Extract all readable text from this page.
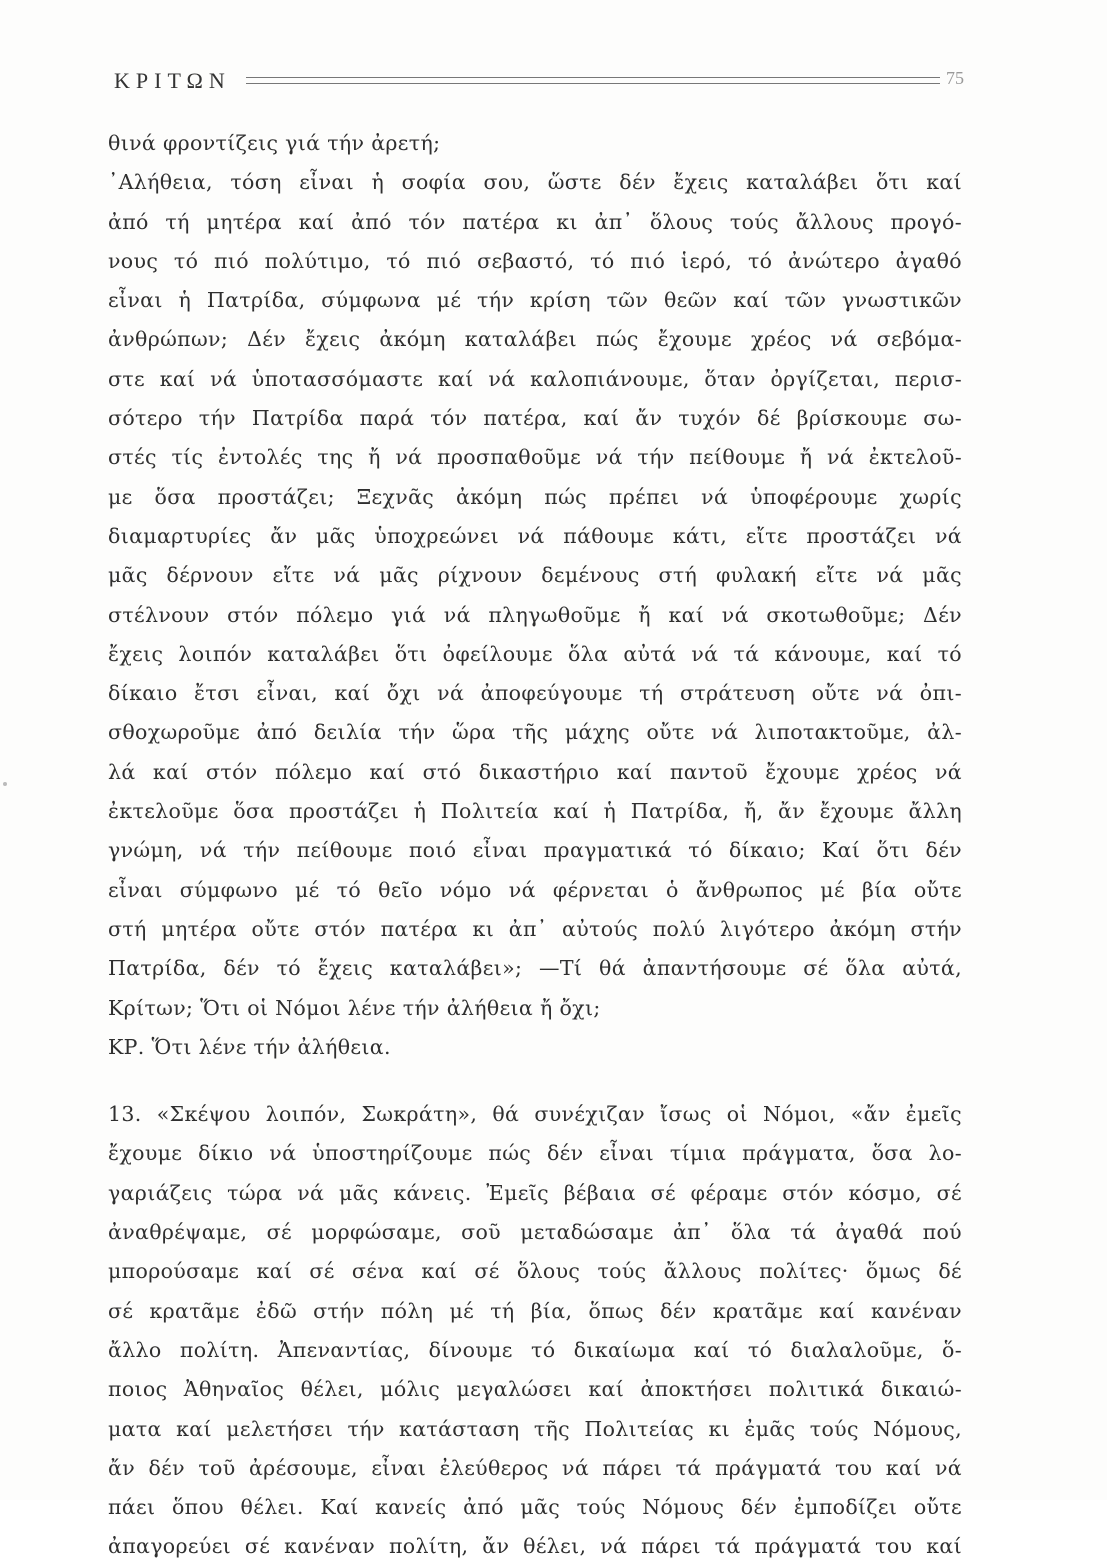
ΚΡΙΤΩΝ	75
θινά φροντίζεις γιά τήν ἀρετή;
᾽Αλήθεια, τόση εἶναι ἡ σοφία σου, ὥστε δέν ἔχεις καταλάβει ὅτι καί
ἀπό τή μητέρα καί ἀπό τόν πατέρα κι ἀπ᾽ ὅλους τούς ἄλλους προγό-
νους τό πιό πολύτιμο, τό πιό σεβαστό, τό πιό ἱερό, τό ἀνώτερο ἀγαθό
εἶναι ἡ Πατρίδα, σύμφωνα μέ τήν κρίση τῶν θεῶν καί τῶν γνωστικῶν
ἀνθρώπων; Δέν ἔχεις ἀκόμη καταλάβει πώς ἔχουμε χρέος νά σεβόμα-
στε καί νά ὑποτασσόμαστε καί νά καλοπιάνουμε, ὅταν ὀργίζεται, περισ-
σότερο τήν Πατρίδα παρά τόν πατέρα, καί ἄν τυχόν δέ βρίσκουμε σω-
στές τίς ἐντολές της ἤ νά προσπαθοῦμε νά τήν πείθουμε ἤ νά ἐκτελοῦ-
με ὅσα προστάζει; Ξεχνᾶς ἀκόμη πώς πρέπει νά ὑποφέρουμε χωρίς
διαμαρτυρίες ἄν μᾶς ὑποχρεώνει νά πάθουμε κάτι, εἴτε προστάζει νά
μᾶς δέρνουν εἴτε νά μᾶς ρίχνουν δεμένους στή φυλακή εἴτε νά μᾶς
στέλνουν στόν πόλεμο γιά νά πληγωθοῦμε ἤ καί νά σκοτωθοῦμε; Δέν
ἔχεις λοιπόν καταλάβει ὅτι ὀφείλουμε ὅλα αὐτά νά τά κάνουμε, καί τό
δίκαιο ἔτσι εἶναι, καί ὄχι νά ἀποφεύγουμε τή στράτευση οὔτε νά ὀπι-
σθοχωροῦμε ἀπό δειλία τήν ὥρα τῆς μάχης οὔτε νά λιποτακτοῦμε, ἀλ-
λά καί στόν πόλεμο καί στό δικαστήριο καί παντοῦ ἔχουμε χρέος νά
ἐκτελοῦμε ὅσα προστάζει ἡ Πολιτεία καί ἡ Πατρίδα, ἤ, ἄν ἔχουμε ἄλλη
γνώμη, νά τήν πείθουμε ποιό εἶναι πραγματικά τό δίκαιο; Καί ὅτι δέν
εἶναι σύμφωνο μέ τό θεῖο νόμο νά φέρνεται ὁ ἄνθρωπος μέ βία οὔτε
στή μητέρα οὔτε στόν πατέρα κι ἀπ᾽ αὐτούς πολύ λιγότερο ἀκόμη στήν
Πατρίδα, δέν τό ἔχεις καταλάβει»; —Τί θά ἀπαντήσουμε σέ ὅλα αὐτά,
Κρίτων; Ὅτι οἱ Νόμοι λένε τήν ἀλήθεια ἤ ὄχι;
ΚΡ. Ὅτι λένε τήν ἀλήθεια.
13. «Σκέψου λοιπόν, Σωκράτη», θά συνέχιζαν ἴσως οἱ Νόμοι, «ἄν ἐμεῖς
ἔχουμε δίκιο νά ὑποστηρίζουμε πώς δέν εἶναι τίμια πράγματα, ὅσα λο-
γαριάζεις τώρα νά μᾶς κάνεις. Ἐμεῖς βέβαια σέ φέραμε στόν κόσμο, σέ
ἀναθρέψαμε, σέ μορφώσαμε, σοῦ μεταδώσαμε ἀπ᾽ ὅλα τά ἀγαθά πού
μπορούσαμε καί σέ σένα καί σέ ὅλους τούς ἄλλους πολίτες· ὅμως δέ
σέ κρατᾶμε ἐδῶ στήν πόλη μέ τή βία, ὅπως δέν κρατᾶμε καί κανέναν
ἄλλο πολίτη. Ἀπεναντίας, δίνουμε τό δικαίωμα καί τό διαλαλοῦμε, ὅ-
ποιος Ἀθηναῖος θέλει, μόλις μεγαλώσει καί ἀποκτήσει πολιτικά δικαιώ-
ματα καί μελετήσει τήν κατάσταση τῆς Πολιτείας κι ἐμᾶς τούς Νόμους,
ἄν δέν τοῦ ἀρέσουμε, εἶναι ἐλεύθερος νά πάρει τά πράγματά του καί νά
πάει ὅπου θέλει. Καί κανείς ἀπό μᾶς τούς Νόμους δέν ἐμποδίζει οὔτε
ἀπαγορεύει σέ κανέναν πολίτη, ἄν θέλει, νά πάρει τά πράγματά του καί
